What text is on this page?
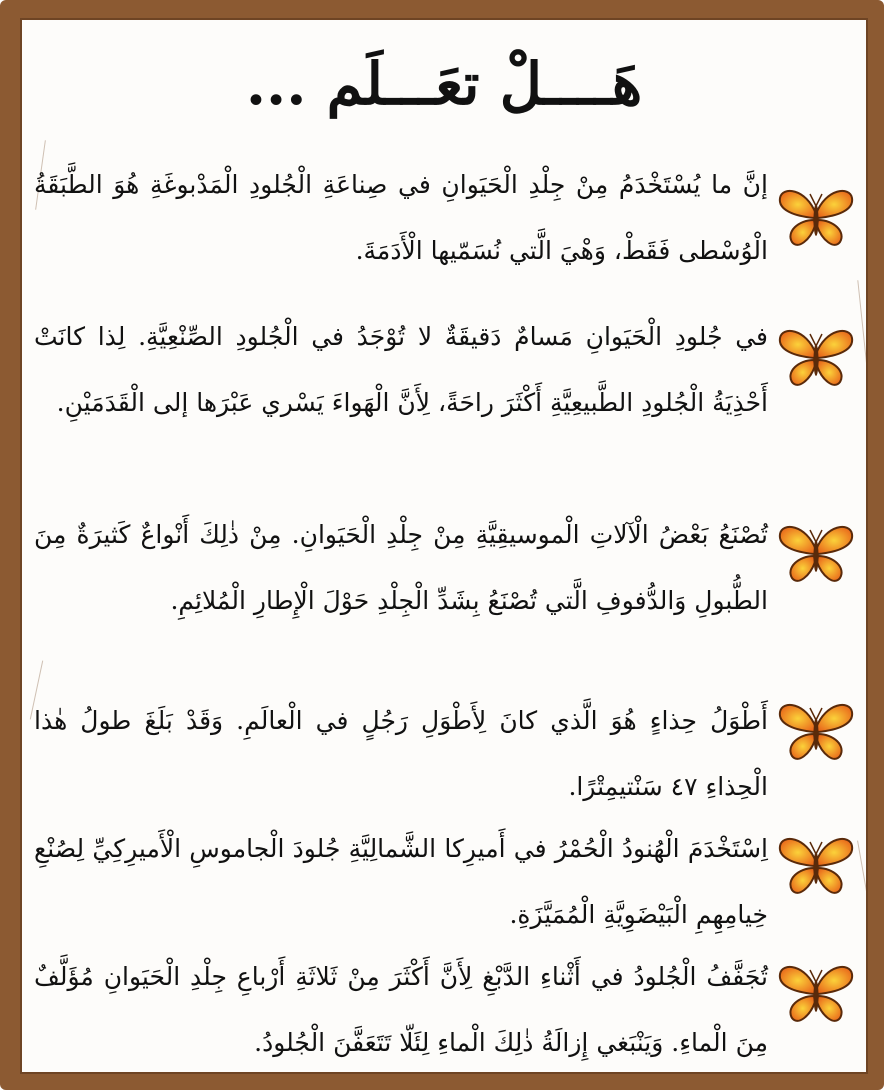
هَــــلْ تعَـــلَم ...
إنَّ ما يُسْتَخْدَمُ مِنْ جِلْدِ الْحَيَوانِ في صِناعَةِ الْجُلودِ الْمَدْبوغَةِ هُوَ الطَّبَقَةُ الْوُسْطى فَقَطْ، وَهْيَ الَّتي نُسَمّيها الْأَدَمَةَ.
في جُلودِ الْحَيَوانِ مَسامٌ دَقيقَةٌ لا تُوْجَدُ في الْجُلودِ الصِّنْعِيَّةِ. لِذا كانَتْ أَحْذِيَةُ الْجُلودِ الطَّبيعِيَّةِ أَكْثَرَ راحَةً، لِأَنَّ الْهَواءَ يَسْري عَبْرَها إلى الْقَدَمَيْنِ.
تُصْنَعُ بَعْضُ الْآلاتِ الْموسيقِيَّةِ مِنْ جِلْدِ الْحَيَوانِ. مِنْ ذٰلِكَ أَنْواعٌ كَثيرَةٌ مِنَ الطُّبولِ وَالدُّفوفِ الَّتي تُصْنَعُ بِشَدِّ الْجِلْدِ حَوْلَ الْإِطارِ الْمُلائِمِ.
أَطْوَلُ حِذاءٍ هُوَ الَّذي كانَ لِأَطْوَلِ رَجُلٍ في الْعالَمِ. وَقَدْ بَلَغَ طولُ هٰذا الْحِذاءِ ٤٧ سَنْتيمِتْرًا.
اِسْتَخْدَمَ الْهُنودُ الْحُمْرُ في أَميرِكا الشَّمالِيَّةِ جُلودَ الْجاموسِ الْأَميرِكِيِّ لِصُنْعِ خِيامِهِمِ الْبَيْضَوِيَّةِ الْمُمَيَّزَةِ.
تُجَفَّفُ الْجُلودُ في أَثْناءِ الدَّبْغِ لِأَنَّ أَكْثَرَ مِنْ ثَلاثَةِ أَرْباعِ جِلْدِ الْحَيَوانِ مُؤَلَّفٌ مِنَ الْماءِ. وَيَنْبَغي إِزالَةُ ذٰلِكَ الْماءِ لِئَلّا تَتَعَفَّنَ الْجُلودُ.
